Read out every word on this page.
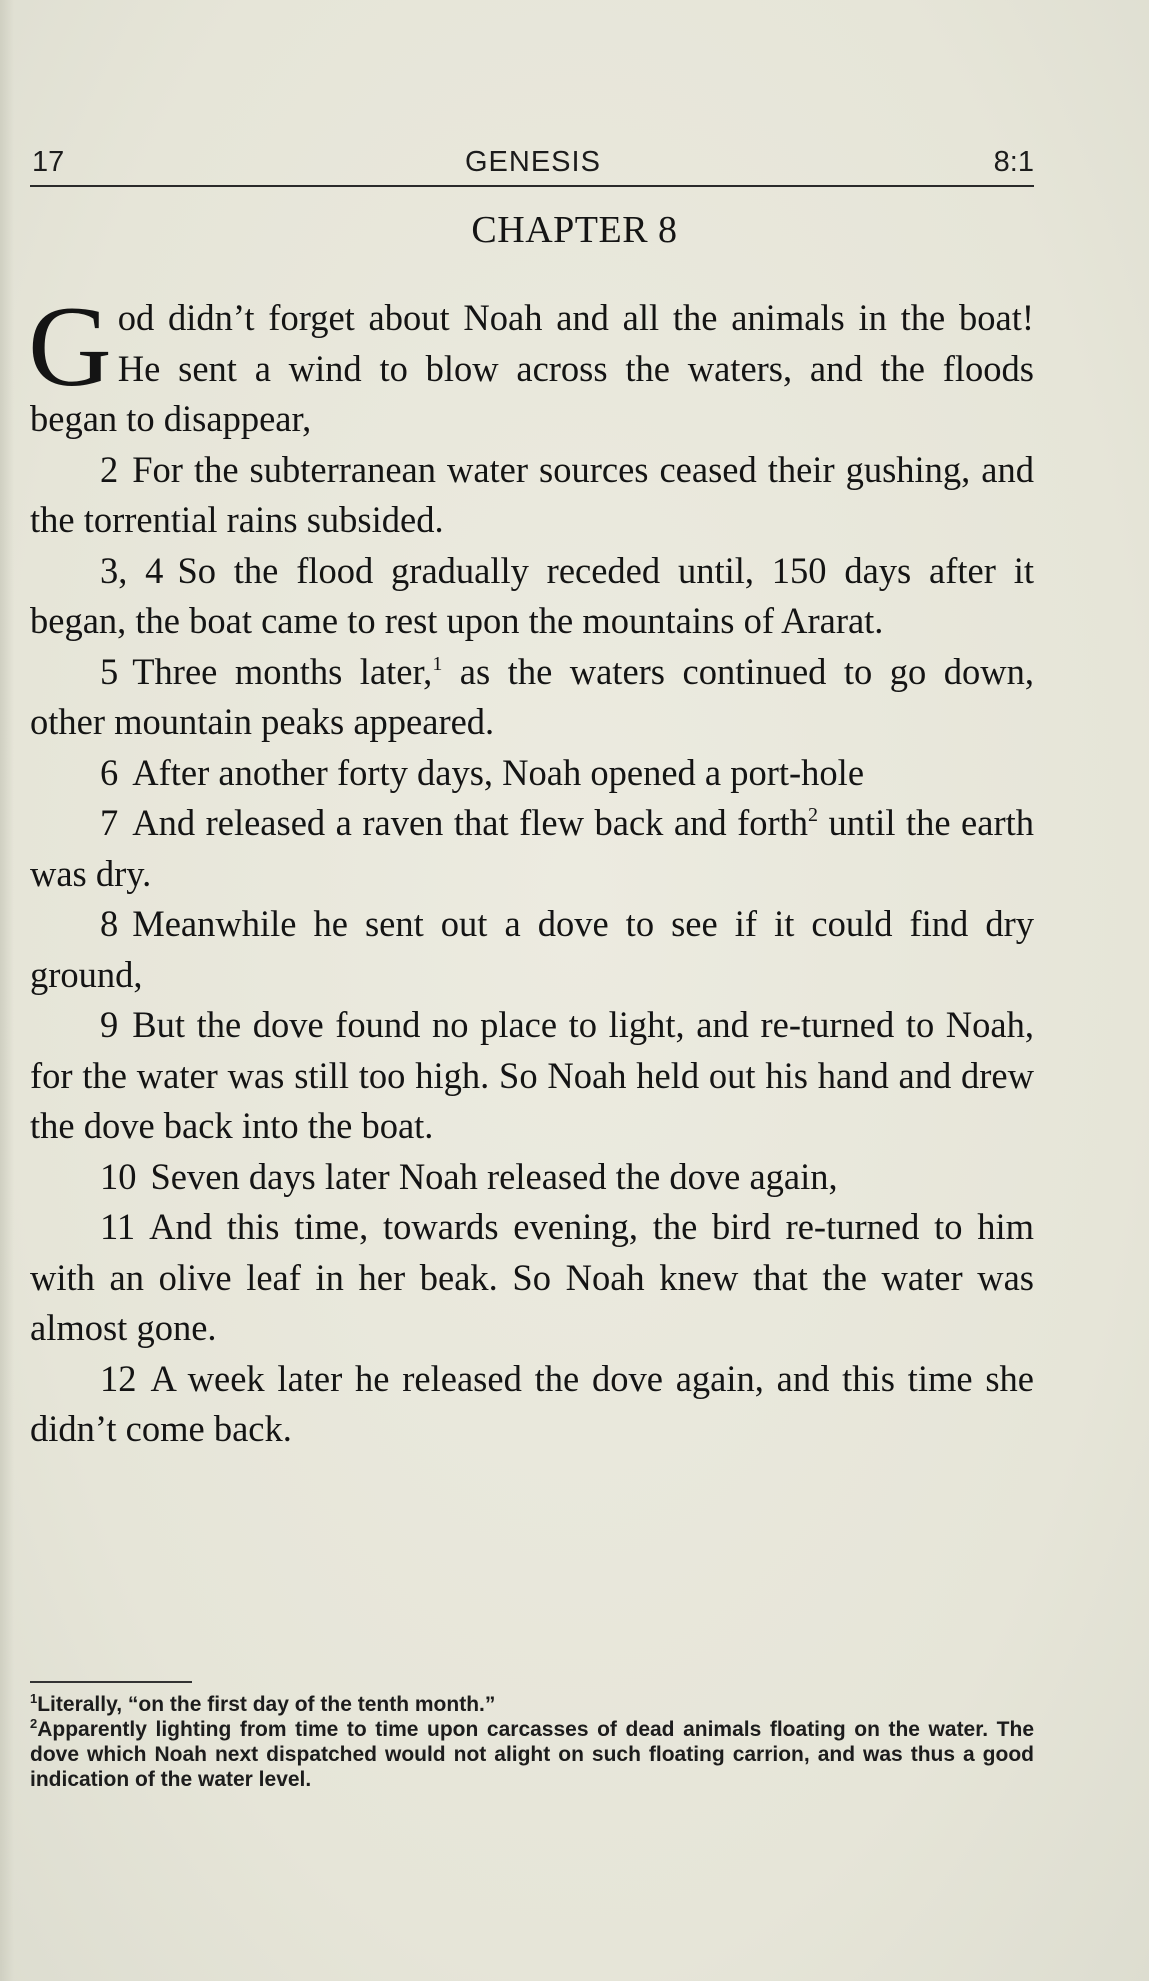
17	GENESIS	8:1
CHAPTER 8

God didn’t forget about Noah and all the animals in the boat! He sent a wind to blow across the waters, and the floods began to disappear,

2 For the subterranean water sources ceased their gushing, and the torrential rains subsided.

3, 4 So the flood gradually receded until, 150 days after it began, the boat came to rest upon the mountains of Ararat.

5 Three months later,$^1$ as the waters continued to go down, other mountain peaks appeared.

6 After another forty days, Noah opened a port-hole

7 And released a raven that flew back and forth$^2$ until the earth was dry.

8 Meanwhile he sent out a dove to see if it could find dry ground,

9 But the dove found no place to light, and re-turned to Noah, for the water was still too high. So Noah held out his hand and drew the dove back into the boat.

10 Seven days later Noah released the dove again,

11 And this time, towards evening, the bird re-turned to him with an olive leaf in her beak. So Noah knew that the water was almost gone.

12 A week later he released the dove again, and this time she didn’t come back.

$^1$Literally, “on the first day of the tenth month.”

$^2$Apparently lighting from time to time upon carcasses of dead animals floating on the water. The dove which Noah next dispatched would not alight on such floating carrion, and was thus a good indication of the water level.
